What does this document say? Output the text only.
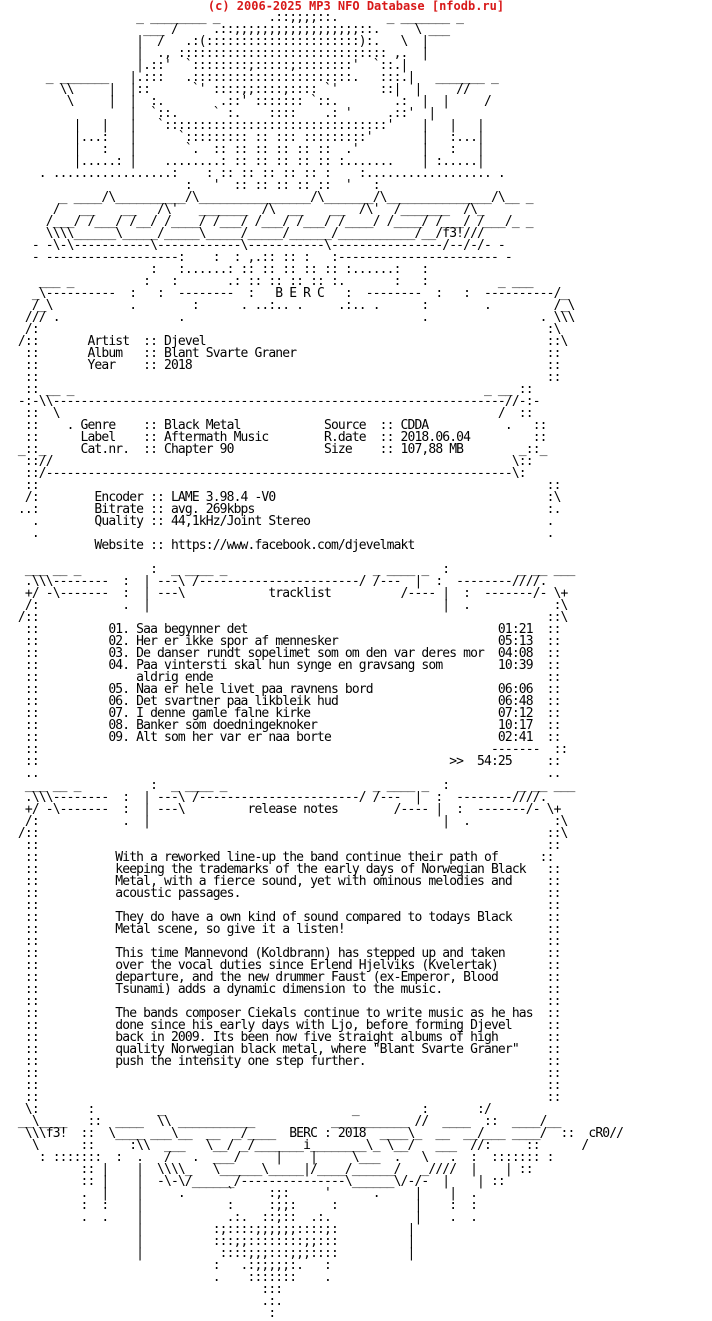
(c) 2006-2025 MP3 NFO Database [nfodb.ru]
_ ________ _       .::;;;;::.       _ _______ _
___ /     .::;;;;;;;;;;;;;;;;;;::.     \ ___
|  /   .:(::::::::::::::::::::::):.   \  |
|  ., :::::::::::::::::::::::::::::: ,.  |
|.::'  `::::::::;:::::;::::::::'  `::.|
_ _______   |.:::   .:::::::::::::::::::::::.   :::.|   _______ _
\\     |  |::      `' ::::;;::::;:::: `'      ::|  |     //
\     |  |  :.        .::' ::::::: `::.        .:  |  |     /
|  `::.     ` :.    ::::    .: '     .::'  |
|   |   |   `::::::::::::::::::::::::::::::::'    |   |   |
|...:   |      `::::::::: :: ::: :::::::::'       |   :...|
|   :   |       `.  :: :: :: :: :: ::  .'         |   :   |
|.....: |    ........: :: :: :: :: :: :.......    | :.....|
. .................:    : :: :: :: :: :: :    :.................. .
:   '  :: :: :: :: ::  '   :
_ ____/\__________/\________________/\_______/\_______________/\__ _
/   __    __   /\'   _______  /\  __    __  /\'  /_______  /\_
/___/ /___/ /__/ /____/ /___/ /___/ /___/ /____/ /____/ /___/ /___/_ _
\\\\______\_____/_____\_____/_____/______/___________/__/f3!///
- -\-\-----------\------------\-----------\----------------/--/-/- -
- -------------------:    :  : ,.:: :: :   :----------------------- -
:   :......: :: :: :: :: :: :......:   :
___ _          :   :       .: :: :: :: :: :.       :   :          _ ___
_\----------  :   :  --------  :   B E R C   :  --------  :   :  ----------/_
/_\           .        :      . ..:.. .     .:.. .      :        .         /_\
/// .                 .                                  .                . \\\
/:                                                                         :\
/::       Artist  :: Djevel                                                 ::\
::       Album   :: Blant Svarte Graner                                    ::
::       Year    :: 2018                                                   ::
::                                                                         ::
:: __ _                                                           _ __ ::
-:-\\-----------------------------------------------------------------//-:-
::  \                                                               /  ::
::    . Genre    :: Black Metal            Source  :: CDDA           .   ::
::      Label    :: Aftermath Music        R.date  :: 2018.06.04         ::
_::_     Cat.nr.  :: Chapter 90             Size    :: 107,88 MB        _::_
:://                                                                  \::
::/-------------------------------------------------------------------\:
::                                                                         ::
/:        Encoder :: LAME 3.98.4 -V0                                       :\
..:        Bitrate :: avg. 269kbps                                          :.
.        Quality :: 44,1kHz/Joint Stereo                                  .
.                                                                         .
Website :: https://www.facebook.com/djevelmakt

___ __ _          :  _ ____ _                     _ ____ _  :          _ __ ___
.\\\--------  :  | ---\ /-----------------------/ /---  |  :  --------////.
+/ -\-------  :  | ---\            tracklist          /---- |  :  -------/- \+
/:            .  |                                          |  .            :\
/::                                                                         ::\
::          01. Saa begynner det                                    01:21  ::
::          02. Her er ikke spor af mennesker                       05:13  ::
::          03. De danser rundt sopelimet som om den var deres mor  04:08  ::
::          04. Paa vintersti skal hun synge en gravsang som        10:39  ::
::              aldrig ende                                                ::
::          05. Naa er hele livet paa ravnens bord                  06:06  ::
::          06. Det svartner paa likbleik hud                       06:48  ::
::          07. I denne gamle falne kirke                           07:12  ::
::          08. Banker som doedningeknoker                          10:17  ::
::          09. Alt som her var er naa borte                        02:41  ::
::                                                                 -------  ::
::                                                           >>  54:25     ::
..                                                                         ..
___ __ _          :  _ ____ _                     _ ____ _  :          _ __ ___
.\\\--------  :  | ---\ /-----------------------/ /---  |  :  --------////.
+/ -\-------  :  | ---\         release notes        /---- |  :  -------/- \+
/:            .  |                                          |  .            :\
/::                                                                         ::\
::                                                                         ::
::           With a reworked line-up the band continue their path of      ::
::           keeping the trademarks of the early days of Norwegian Black   ::
::           Metal, with a fierce sound, yet with ominous melodies and     ::
::           acoustic passages.                                            ::
::                                                                         ::
::           They do have a own kind of sound compared to todays Black     ::
::           Metal scene, so give it a listen!                             ::
::                                                                         ::
::           This time Mannevond (Koldbrann) has stepped up and taken      ::
::           over the vocal duties since Erlend Hjelviks (Kvelertak)       ::
::           departure, and the new drummer Faust (ex-Emperor, Blood       ::
::           Tsunami) adds a dynamic dimension to the music.               ::
::                                                                         ::
::           The bands composer Ciekals continue to write music as he has  ::
::           done since his early days with Ljo, before forming Djevel     ::
::           back in 2009. Its been now five straight albums of high       ::
::           quality Norwegian black metal, where "Blant Svarte Graner"    ::
::           push the intensity one step further.                          ::
::                                                                         ::
::                                                                         ::
::                                                                         ::
\:       :         _                           _         :       :/
__\____   ::  ____  \\ ___________           ___________ //  ____  ::  ____/__
\\\f3!  ::  \____ ___\__  __  _/____  BERC : 2018  ____\_  __  __/___ ____/  ::  cR0//
\      ::     :\\  ___   \__/ _/_______i________\_ \__/   ___  //:     ::      /
: :::::::  :  .   /   .  ___/     |    |     \___  .   \   .  :  ::::::: :
:: |    |  \\\\_   \______\_____|/____/______/   _////  |    | ::
:: |    |  -\-\/______/---------------\______\/-/-  |    | ::
.  |    |     .      `     :;:     '      .     |    |  .
:  :    |            :     :;;:     :           |    :  :
.  .    |            .:.  ::;::  .:.            |    .  .
|          :;::::;;;;;;::::;:          |
|          :::;;::::::::;;:::          |
|           ::::;;;:::;;;::::          |
:   .:;;;;;:.   :
.    :::::::    .
:::
.:.
:
